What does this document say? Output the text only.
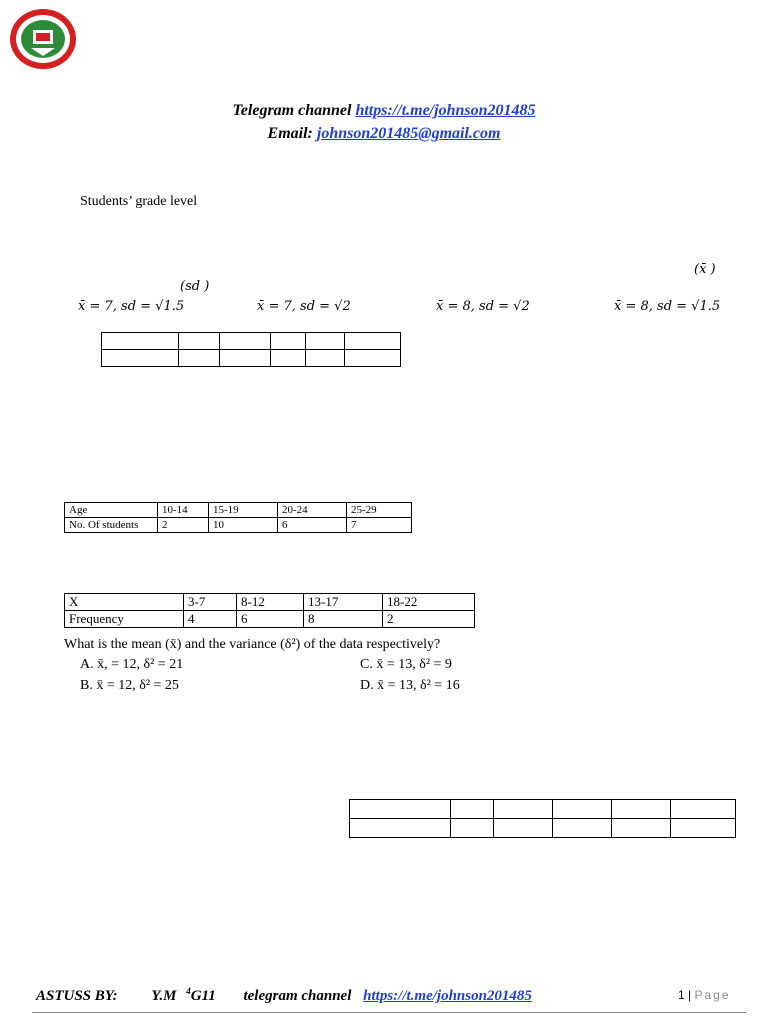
Telegram channel https://t.me/johnson201485
Email: johnson201485@gmail.com
Students’ grade level
(x̄ )
(sd )
x̄ = 7, sd = √1.5	x̄ = 7, sd = √2	x̄ = 8, sd = √2	x̄ = 8, sd = √1.5

Age	10-14	15-19	20-24	25-29
No. Of students	2	10	6	7
X	3-7	8-12	13-17	18-22
Frequency	4	6	8	2
What is the mean (x̄) and the variance (δ²) of the data respectively?
A. x̄, = 12, δ² = 21
B. x̄ = 12, δ² = 25
C. x̄ = 13, δ² = 9
D. x̄ = 13, δ² = 16

ASTUSS BY: Y.M $^4$G11 telegram channel https://t.me/johnson201485	1 | Page
